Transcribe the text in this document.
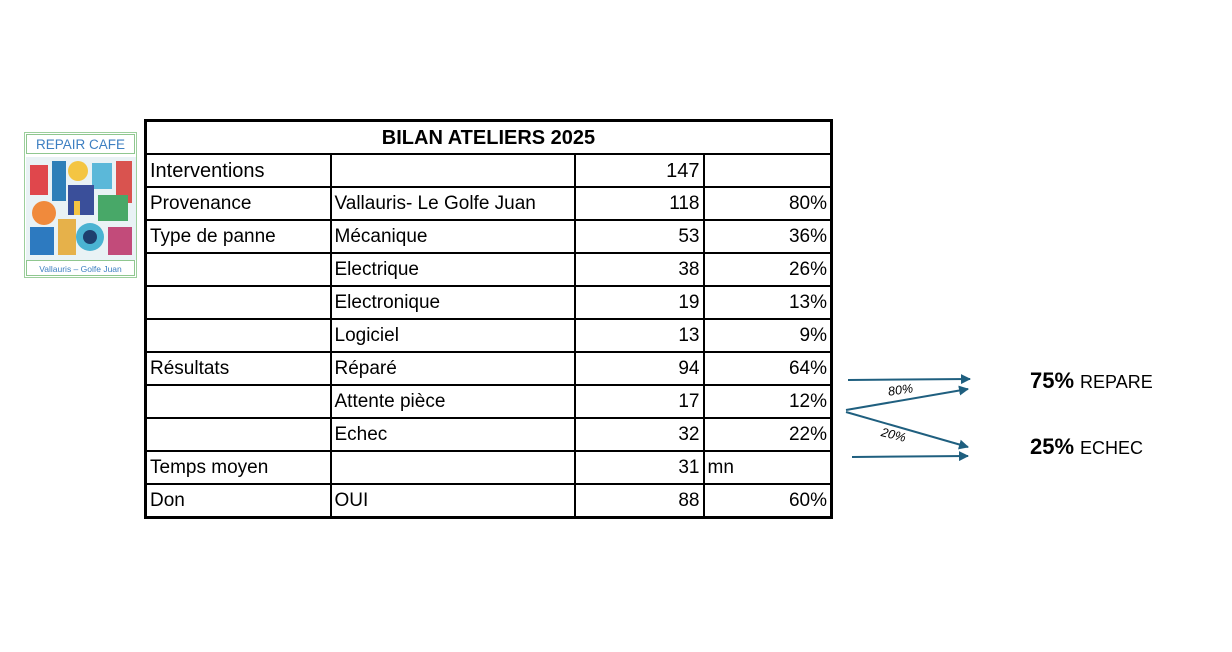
REPAIR CAFE
Vallauris – Golfe Juan
BILAN ATELIERS 2025			
Interventions		147	
Provenance	Vallauris- Le Golfe Juan	118	80%
Type de panne	Mécanique	53	36%
	Electrique	38	26%
	Electronique	19	13%
	Logiciel	13	9%
Résultats	Réparé	94	64%
	Attente pièce	17	12%
	Echec	32	22%
Temps moyen		31	mn
Don	OUI	88	60%
80%
20%
75% REPARE
25% ECHEC
